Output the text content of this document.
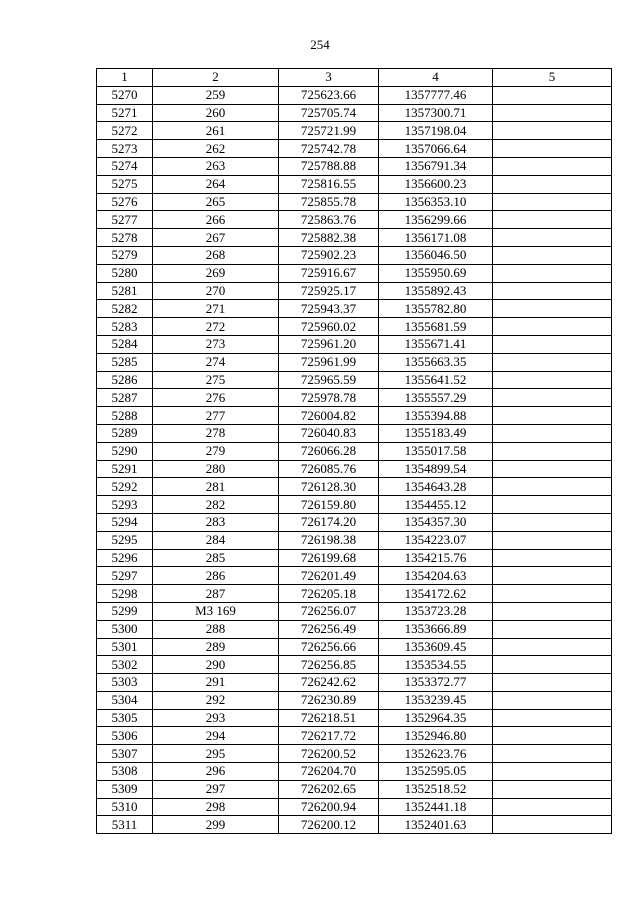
254
1	2	3	4	5
5270	259	725623.66	1357777.46	
5271	260	725705.74	1357300.71	
5272	261	725721.99	1357198.04	
5273	262	725742.78	1357066.64	
5274	263	725788.88	1356791.34	
5275	264	725816.55	1356600.23	
5276	265	725855.78	1356353.10	
5277	266	725863.76	1356299.66	
5278	267	725882.38	1356171.08	
5279	268	725902.23	1356046.50	
5280	269	725916.67	1355950.69	
5281	270	725925.17	1355892.43	
5282	271	725943.37	1355782.80	
5283	272	725960.02	1355681.59	
5284	273	725961.20	1355671.41	
5285	274	725961.99	1355663.35	
5286	275	725965.59	1355641.52	
5287	276	725978.78	1355557.29	
5288	277	726004.82	1355394.88	
5289	278	726040.83	1355183.49	
5290	279	726066.28	1355017.58	
5291	280	726085.76	1354899.54	
5292	281	726128.30	1354643.28	
5293	282	726159.80	1354455.12	
5294	283	726174.20	1354357.30	
5295	284	726198.38	1354223.07	
5296	285	726199.68	1354215.76	
5297	286	726201.49	1354204.63	
5298	287	726205.18	1354172.62	
5299	МЗ 169	726256.07	1353723.28	
5300	288	726256.49	1353666.89	
5301	289	726256.66	1353609.45	
5302	290	726256.85	1353534.55	
5303	291	726242.62	1353372.77	
5304	292	726230.89	1353239.45	
5305	293	726218.51	1352964.35	
5306	294	726217.72	1352946.80	
5307	295	726200.52	1352623.76	
5308	296	726204.70	1352595.05	
5309	297	726202.65	1352518.52	
5310	298	726200.94	1352441.18	
5311	299	726200.12	1352401.63	
